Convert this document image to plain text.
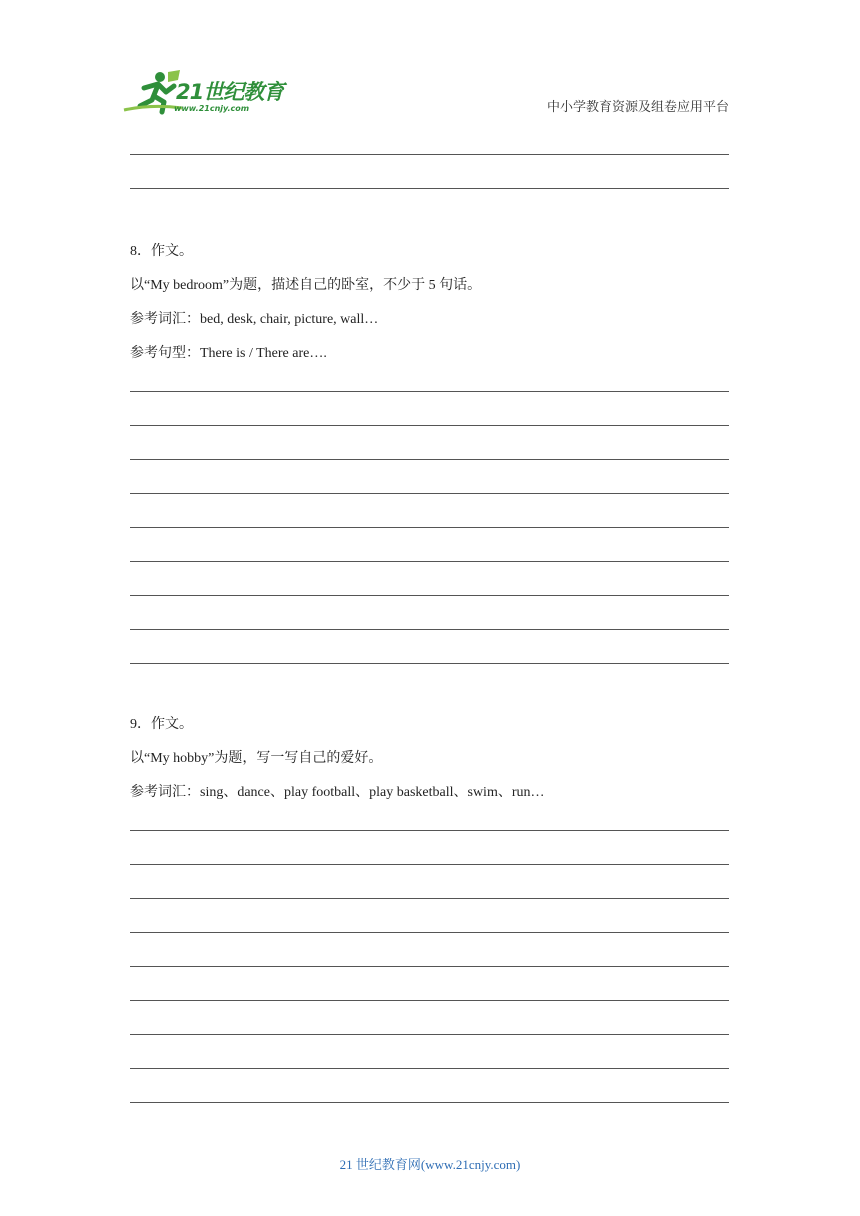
21世纪教育
www.21cnjy.com	中小学教育资源及组卷应用平台
8．作文。
以“My bedroom”为题，描述自己的卧室，不少于 5 句话。
参考词汇：bed, desk, chair, picture, wall…
参考句型：There is / There are….
9．作文。
以“My hobby”为题，写一写自己的爱好。
参考词汇：sing、dance、play football、play basketball、swim、run…
21 世纪教育网(www.21cnjy.com)
